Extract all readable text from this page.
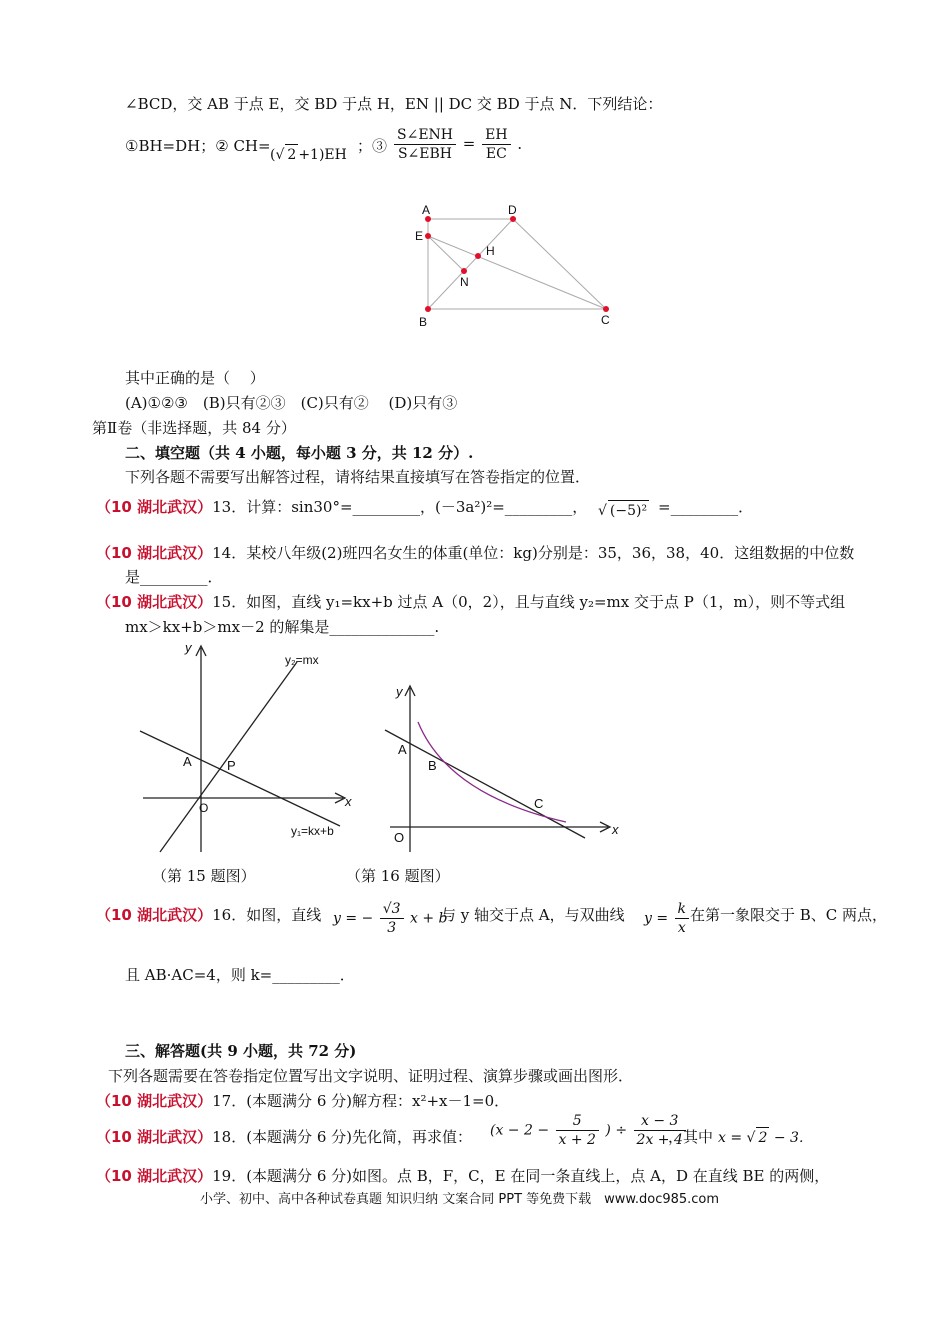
∠BCD，交 AB 于点 E，交 BD 于点 H，EN || DC 交 BD 于点 N．下列结论：
①BH=DH；② CH= (√ 2 +1)EH ；③ $\frac{\text{S∠ENH}}{\text{S∠EBH}} = \frac{EH}{EC}$ ．
A	D
E
H
N
B	C
其中正确的是（　 ）
(A)①②③　(B)只有②③　(C)只有②　 (D)只有③
第Ⅱ卷（非选择题，共 84 分）
二、填空题（共 4 小题，每小题 3 分，共 12 分）.
下列各题不需要写出解答过程，请将结果直接填写在答卷指定的位置．
（10 湖北武汉）13．计算：sin30°=_________，(－3a²)²=_________， √ (−5)² =_________．
（10 湖北武汉）14．某校八年级(2)班四名女生的体重(单位：kg)分别是：35，36，38，40．这组数据的中位数
是_________．
（10 湖北武汉）15．如图，直线 y₁=kx+b 过点 A（0，2），且与直线 y₂=mx 交于点 P（1，m），则不等式组
mx＞kx+b＞mx－2 的解集是______________.
y
x
y₂=mx
y₁=kx+b
A	P
O
y
x
A
B
C
O
（第 15 题图）	（第 16 题图）
（10 湖北武汉）16．如图，直线 y = − $\frac{√3}{3}$ x + b
与 y 轴交于点 A，与双曲线 $y = \frac{k}{x}$ 在第一象限交于 B、C 两点，
且 AB·AC=4，则 k=_________．
三、解答题(共 9 小题，共 72 分)
下列各题需要在答卷指定位置写出文字说明、证明过程、演算步骤或画出图形．
（10 湖北武汉）17．(本题满分 6 分)解方程：x²+x－1=0．
（10 湖北武汉）18．(本题满分 6 分)先化简，再求值： ($x - 2 - \frac{5}{x + 2}$ ) ÷ $\frac{x - 3}{2x + 4}$
，其中 x = √ 2 − 3．
（10 湖北武汉）19．(本题满分 6 分)如图。点 B，F，C，E 在同一条直线上，点 A，D 在直线 BE 的两侧，
小学、初中、高中各种试卷真题 知识归纳 文案合同 PPT 等免费下载　www.doc985.com
